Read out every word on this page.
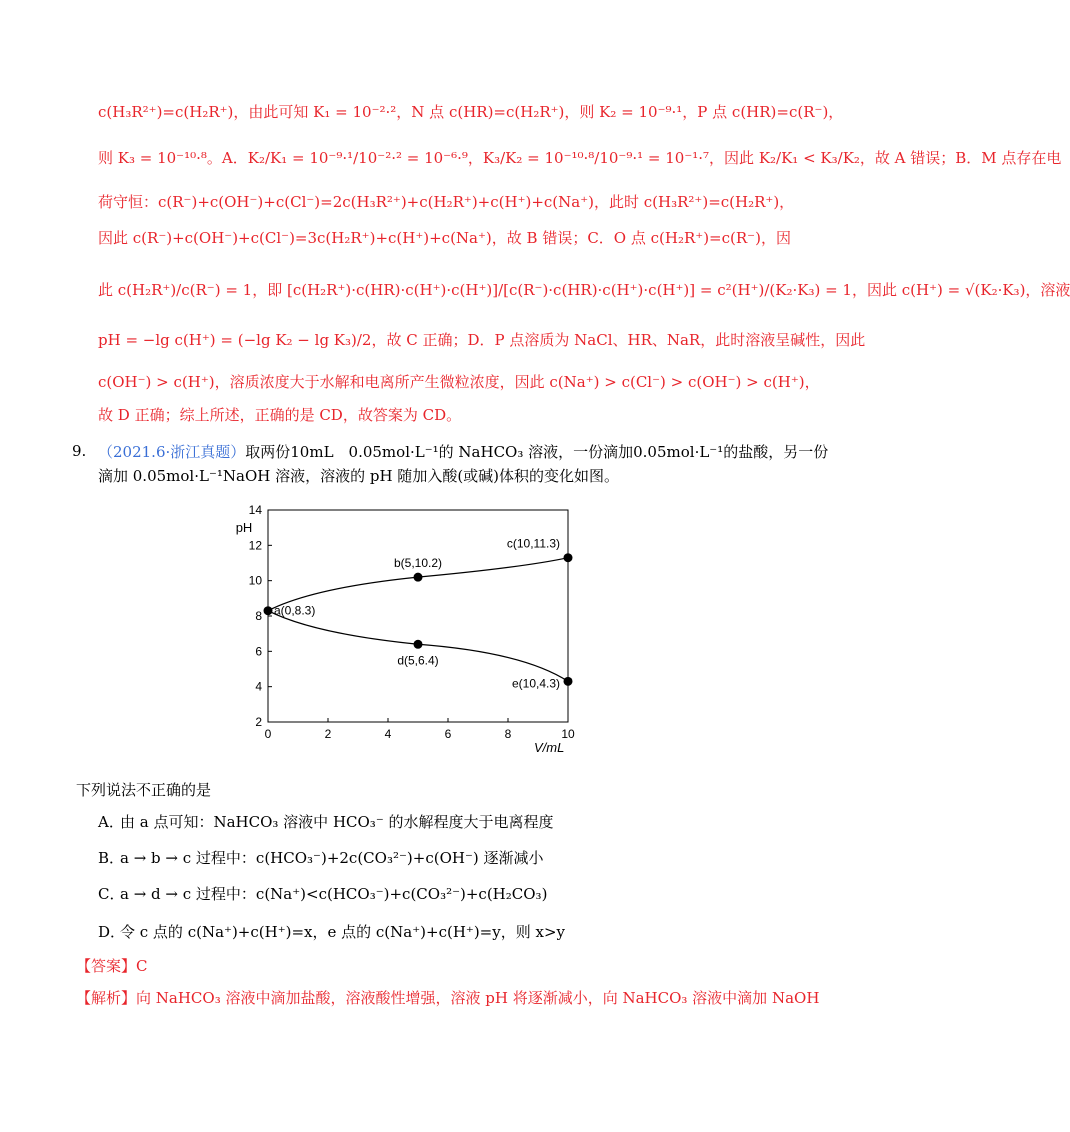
c(H₃R²⁺)=c(H₂R⁺)，由此可知 K₁ = 10⁻²·²，N 点 c(HR)=c(H₂R⁺)，则 K₂ = 10⁻⁹·¹，P 点 c(HR)=c(R⁻)，
则 K₃ = 10⁻¹⁰·⁸。A．K₂/K₁ = 10⁻⁹·¹/10⁻²·² = 10⁻⁶·⁹，K₃/K₂ = 10⁻¹⁰·⁸/10⁻⁹·¹ = 10⁻¹·⁷，因此 K₂/K₁ < K₃/K₂，故 A 错误；B．M 点存在电
荷守恒：c(R⁻)+c(OH⁻)+c(Cl⁻)=2c(H₃R²⁺)+c(H₂R⁺)+c(H⁺)+c(Na⁺)，此时 c(H₃R²⁺)=c(H₂R⁺)，
因此 c(R⁻)+c(OH⁻)+c(Cl⁻)=3c(H₂R⁺)+c(H⁺)+c(Na⁺)，故 B 错误；C．O 点 c(H₂R⁺)=c(R⁻)，因
此 c(H₂R⁺)/c(R⁻) = 1，即 [c(H₂R⁺)·c(HR)·c(H⁺)·c(H⁺)]/[c(R⁻)·c(HR)·c(H⁺)·c(H⁺)] = c²(H⁺)/(K₂·K₃) = 1，因此 c(H⁺) = √(K₂·K₃)，溶液
pH = −lg c(H⁺) = (−lg K₂ − lg K₃)/2，故 C 正确；D．P 点溶质为 NaCl、HR、NaR，此时溶液呈碱性，因此
c(OH⁻) > c(H⁺)，溶质浓度大于水解和电离所产生微粒浓度，因此 c(Na⁺) > c(Cl⁻) > c(OH⁻) > c(H⁺)，
故 D 正确；综上所述，正确的是 CD，故答案为 CD。
9. （2021.6·浙江真题）取两份10mL　0.05mol·L⁻¹的 NaHCO₃ 溶液，一份滴加0.05mol·L⁻¹的盐酸，另一份
滴加 0.05mol·L⁻¹NaOH 溶液，溶液的 pH 随加入酸(或碱)体积的变化如图。
0	2	4	6	8	10
2
4
6
8
10
12
14
a(0,8.3)
b(5,10.2)
c(10,11.3)
d(5,6.4)
e(10,4.3)
pH
V/mL
下列说法不正确的是
A．由 a 点可知：NaHCO₃ 溶液中 HCO₃⁻ 的水解程度大于电离程度
B．a → b → c 过程中：c(HCO₃⁻)+2c(CO₃²⁻)+c(OH⁻) 逐渐减小
C．a → d → c 过程中：c(Na⁺)<c(HCO₃⁻)+c(CO₃²⁻)+c(H₂CO₃)
D．令 c 点的 c(Na⁺)+c(H⁺)=x，e 点的 c(Na⁺)+c(H⁺)=y，则 x>y
【答案】C
【解析】向 NaHCO₃ 溶液中滴加盐酸，溶液酸性增强，溶液 pH 将逐渐减小，向 NaHCO₃ 溶液中滴加 NaOH
